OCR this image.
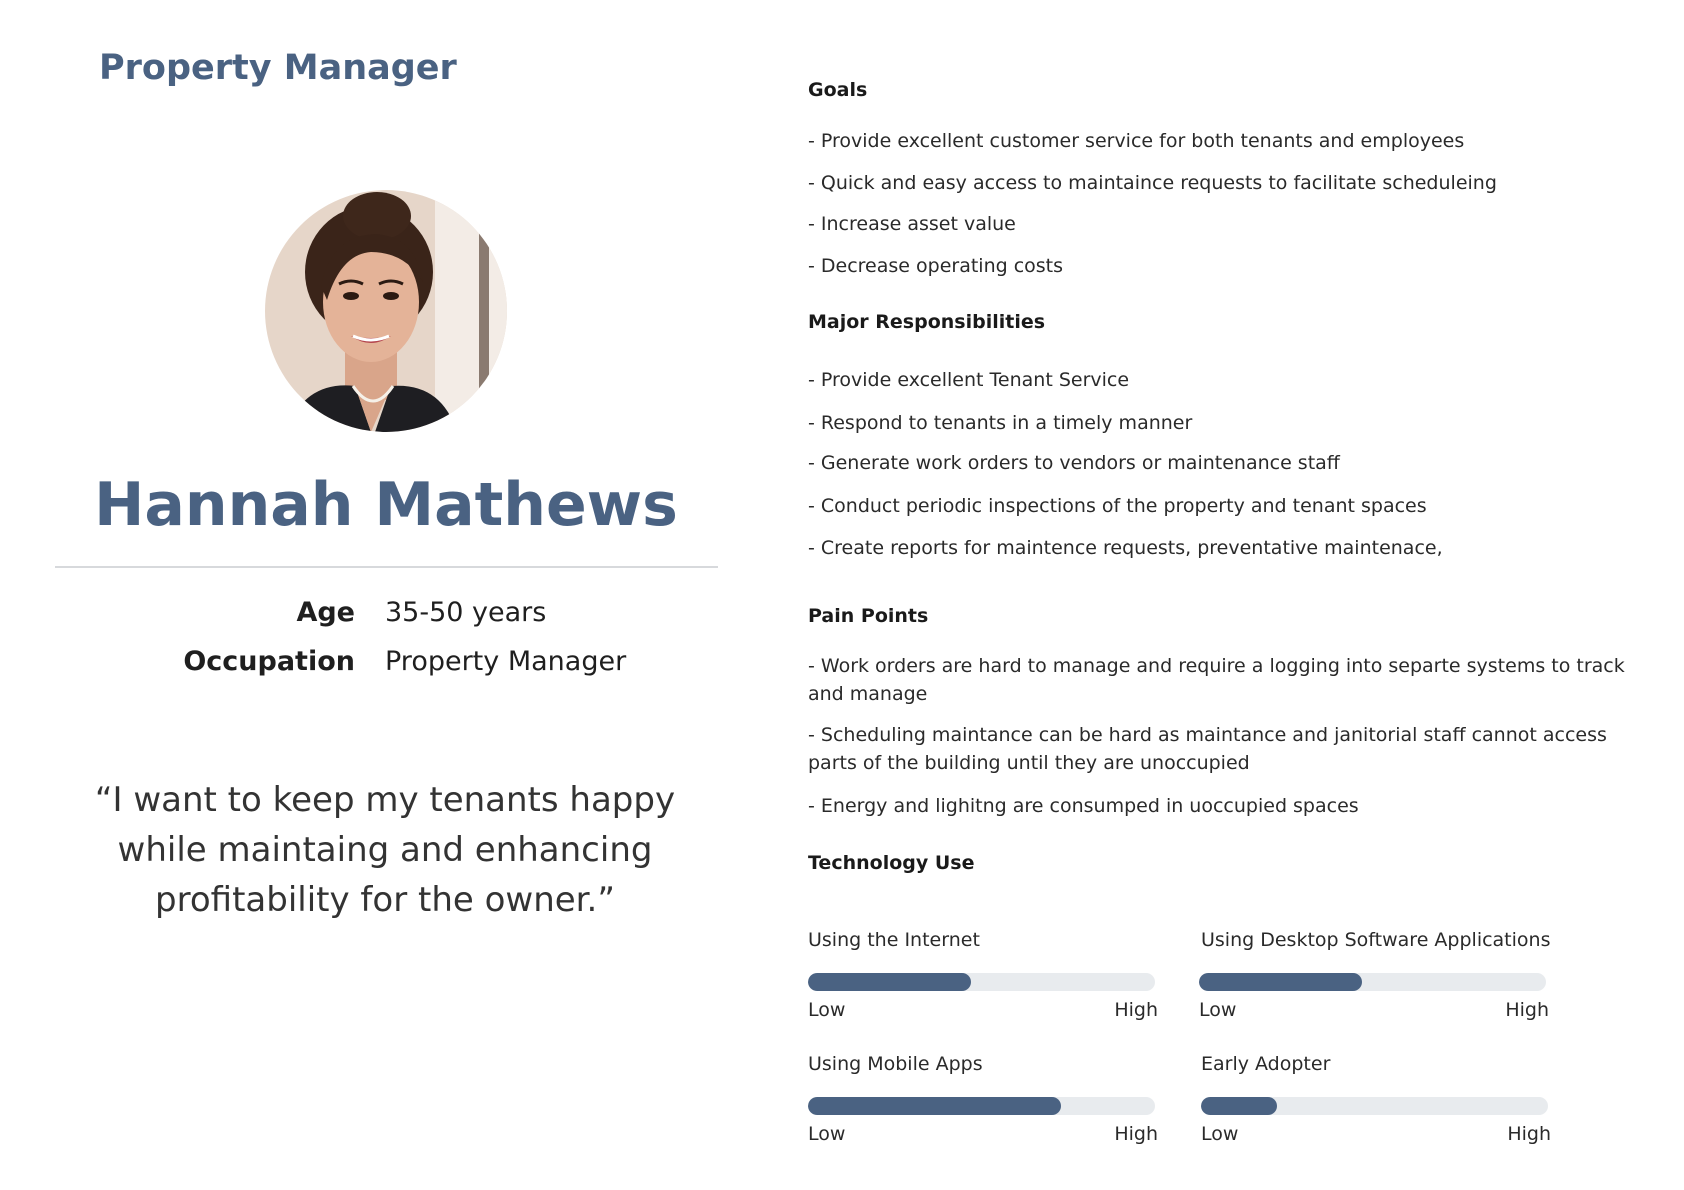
Property Manager
Hannah Mathews
Age	35-50 years
Occupation	Property Manager

“I want to keep my tenants happy while maintaing and enhancing profitability for the owner.”

Goals

- Provide excellent customer service for both tenants and employees

- Quick and easy access to maintaince requests to facilitate scheduleing

- Increase asset value

- Decrease operating costs

Major Responsibilities

- Provide excellent Tenant Service

- Respond to tenants in a timely manner

- Generate work orders to vendors or maintenance staff

- Conduct periodic inspections of the property and tenant spaces

- Create reports for maintence requests, preventative maintenace,

Pain Points

- Work orders are hard to manage and require a logging into separte systems to track and manage

- Scheduling maintance can be hard as maintance and janitorial staff cannot access parts of the building until they are unoccupied

- Energy and lighitng are consumped in uoccupied spaces

Technology Use
Using the Internet
Low	High
Using Desktop Software Applications
Low	High
Using Mobile Apps
Low	High
Early Adopter
Low	High
